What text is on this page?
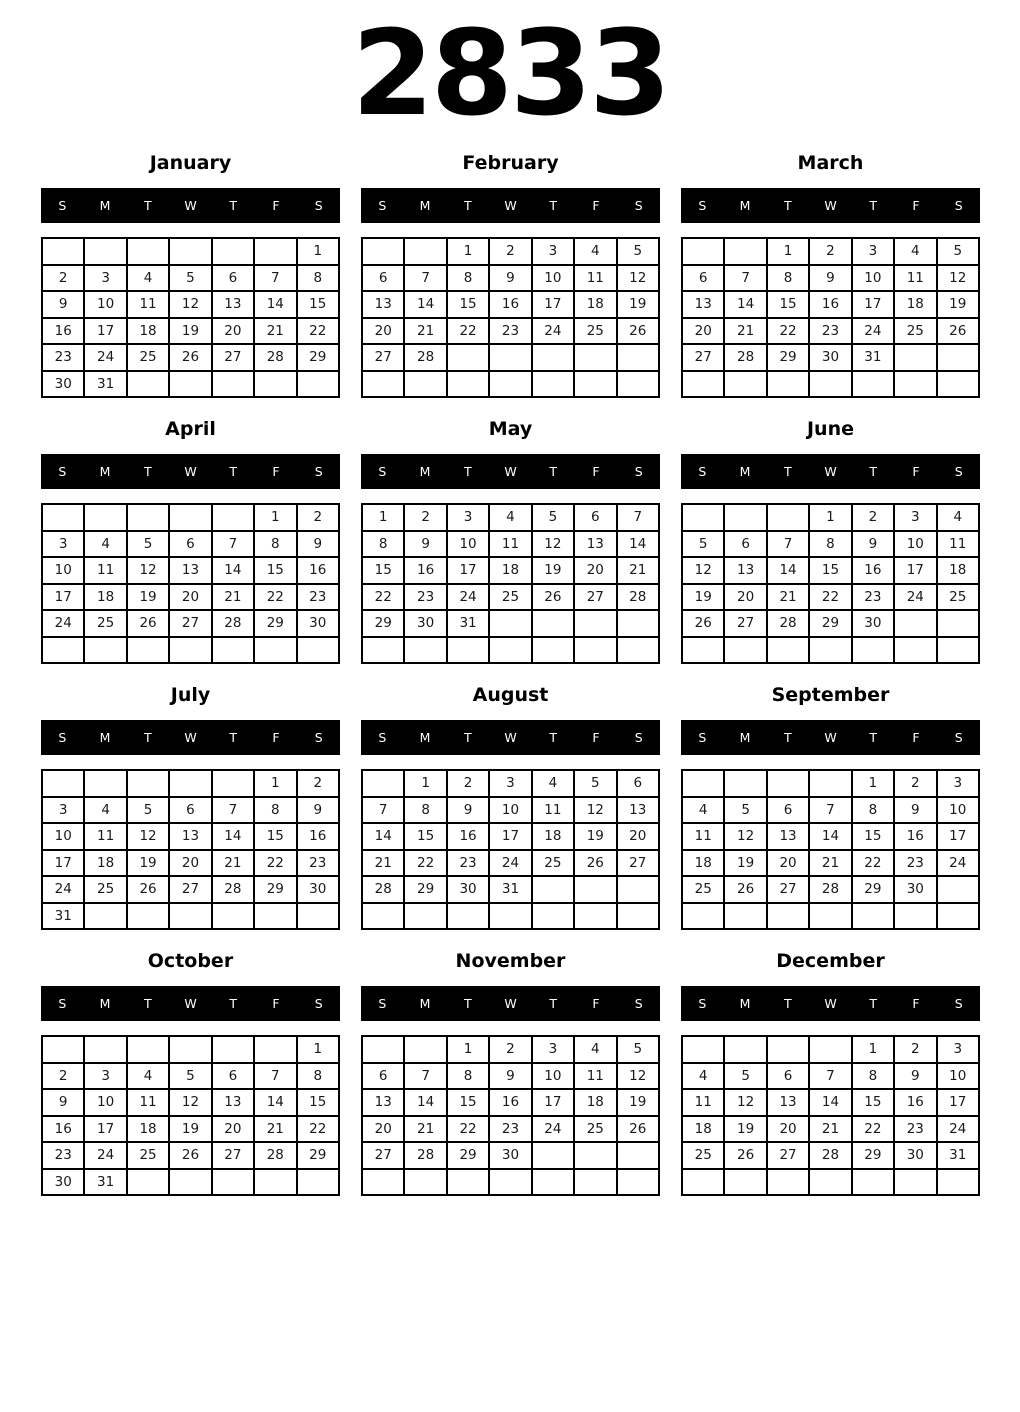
2833
January
S	M	T	W	T	F	S
						1
2	3	4	5	6	7	8
9	10	11	12	13	14	15
16	17	18	19	20	21	22
23	24	25	26	27	28	29
30	31					
February
S	M	T	W	T	F	S
		1	2	3	4	5
6	7	8	9	10	11	12
13	14	15	16	17	18	19
20	21	22	23	24	25	26
27	28					

March
S	M	T	W	T	F	S
		1	2	3	4	5
6	7	8	9	10	11	12
13	14	15	16	17	18	19
20	21	22	23	24	25	26
27	28	29	30	31		

April
S	M	T	W	T	F	S
					1	2
3	4	5	6	7	8	9
10	11	12	13	14	15	16
17	18	19	20	21	22	23
24	25	26	27	28	29	30

May
S	M	T	W	T	F	S
1	2	3	4	5	6	7
8	9	10	11	12	13	14
15	16	17	18	19	20	21
22	23	24	25	26	27	28
29	30	31				

June
S	M	T	W	T	F	S
			1	2	3	4
5	6	7	8	9	10	11
12	13	14	15	16	17	18
19	20	21	22	23	24	25
26	27	28	29	30		

July
S	M	T	W	T	F	S
					1	2
3	4	5	6	7	8	9
10	11	12	13	14	15	16
17	18	19	20	21	22	23
24	25	26	27	28	29	30
31						
August
S	M	T	W	T	F	S
	1	2	3	4	5	6
7	8	9	10	11	12	13
14	15	16	17	18	19	20
21	22	23	24	25	26	27
28	29	30	31			

September
S	M	T	W	T	F	S
				1	2	3
4	5	6	7	8	9	10
11	12	13	14	15	16	17
18	19	20	21	22	23	24
25	26	27	28	29	30	

October
S	M	T	W	T	F	S
						1
2	3	4	5	6	7	8
9	10	11	12	13	14	15
16	17	18	19	20	21	22
23	24	25	26	27	28	29
30	31					
November
S	M	T	W	T	F	S
		1	2	3	4	5
6	7	8	9	10	11	12
13	14	15	16	17	18	19
20	21	22	23	24	25	26
27	28	29	30			

December
S	M	T	W	T	F	S
				1	2	3
4	5	6	7	8	9	10
11	12	13	14	15	16	17
18	19	20	21	22	23	24
25	26	27	28	29	30	31
